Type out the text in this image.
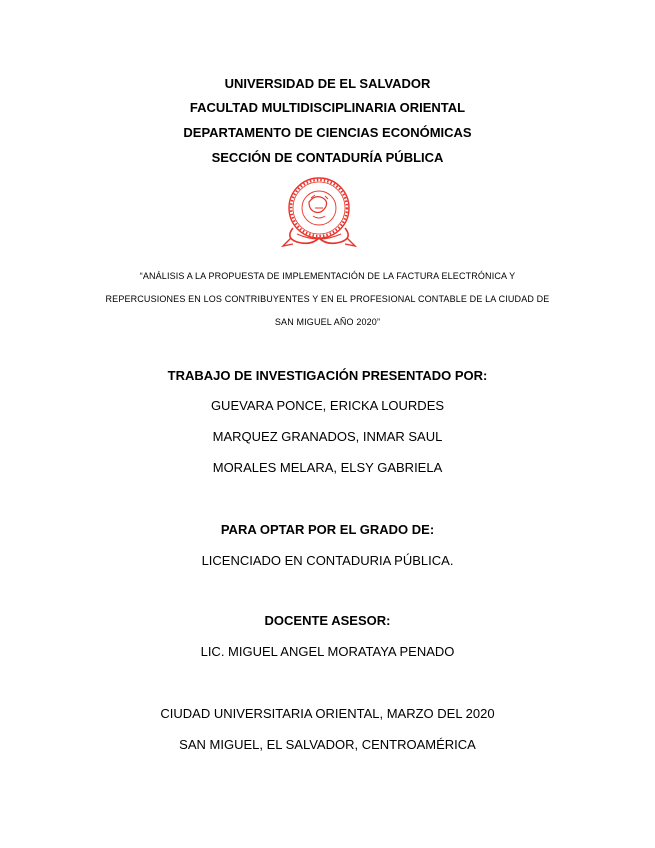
UNIVERSIDAD DE EL SALVADOR
FACULTAD MULTIDISCIPLINARIA ORIENTAL
DEPARTAMENTO DE CIENCIAS ECONÓMICAS
SECCIÓN DE CONTADURÍA PÚBLICA
“ANÁLISIS A LA PROPUESTA DE IMPLEMENTACIÓN DE LA FACTURA ELECTRÓNICA Y
REPERCUSIONES EN LOS CONTRIBUYENTES Y EN EL PROFESIONAL CONTABLE DE LA CIUDAD DE
SAN MIGUEL AÑO 2020”
TRABAJO DE INVESTIGACIÓN PRESENTADO POR:
GUEVARA PONCE, ERICKA LOURDES
MARQUEZ GRANADOS, INMAR SAUL
MORALES MELARA, ELSY GABRIELA
PARA OPTAR POR EL GRADO DE:
LICENCIADO EN CONTADURIA PÚBLICA.
DOCENTE ASESOR:
LIC. MIGUEL ANGEL MORATAYA PENADO
CIUDAD UNIVERSITARIA ORIENTAL, MARZO DEL 2020
SAN MIGUEL, EL SALVADOR, CENTROAMÉRICA
